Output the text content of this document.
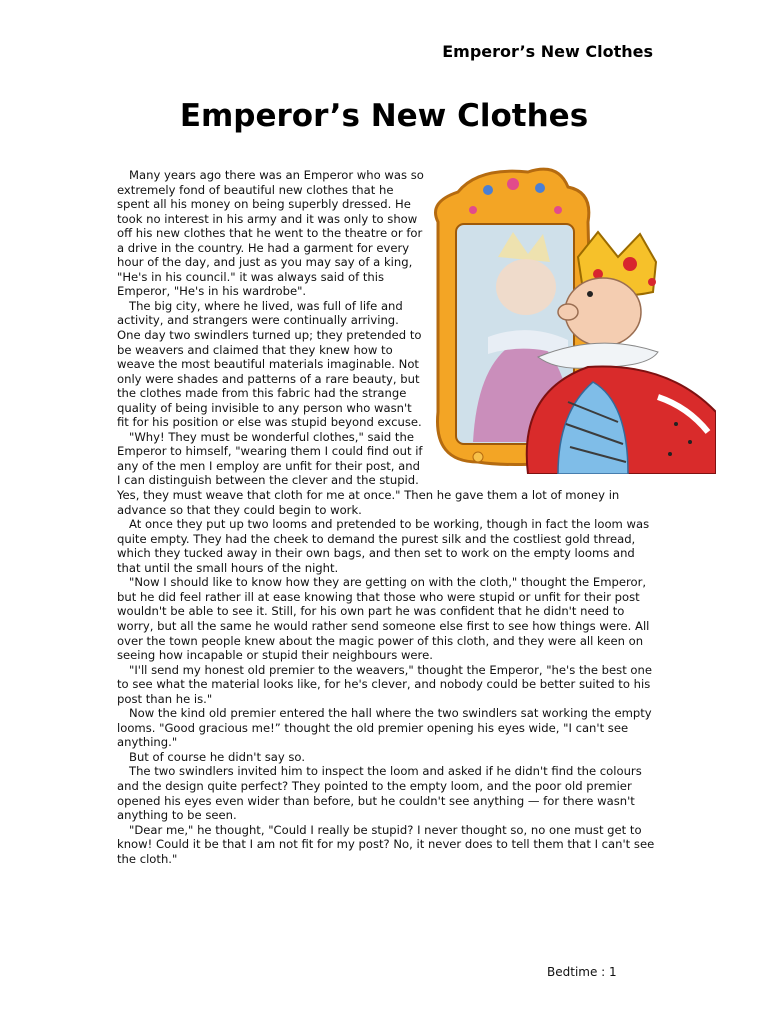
Emperor’s New Clothes
Emperor’s New Clothes

Many years ago there was an Emperor who was so extremely fond of beautiful new clothes that he spent all his money on being superbly dressed. He took no interest in his army and it was only to show off his new clothes that he went to the theatre or for a drive in the country. He had a garment for every hour of the day, and just as you may say of a king, "He's in his council." it was always said of this Emperor, "He's in his wardrobe".

The big city, where he lived, was full of life and activity, and strangers were continually arriving. One day two swindlers turned up; they pretended to be weavers and claimed that they knew how to weave the most beautiful materials imaginable. Not only were shades and patterns of a rare beauty, but the clothes made from this fabric had the strange quality of being invisible to any person who wasn't fit for his position or else was stupid beyond excuse.

"Why! They must be wonderful clothes," said the Emperor to himself, "wearing them I could find out if any of the men I employ are unfit for their post, and I can distinguish between the clever and the stupid. Yes, they must weave that cloth for me at once." Then he gave them a lot of money in advance so that they could begin to work.

At once they put up two looms and pretended to be working, though in fact the loom was quite empty. They had the cheek to demand the purest silk and the costliest gold thread, which they tucked away in their own bags, and then set to work on the empty looms and that until the small hours of the night.

"Now I should like to know how they are getting on with the cloth," thought the Emperor, but he did feel rather ill at ease knowing that those who were stupid or unfit for their post wouldn't be able to see it. Still, for his own part he was confident that he didn't need to worry, but all the same he would rather send someone else first to see how things were. All over the town people knew about the magic power of this cloth, and they were all keen on seeing how incapable or stupid their neighbours were.

"I'll send my honest old premier to the weavers," thought the Emperor, "he's the best one to see what the material looks like, for he's clever, and nobody could be better suited to his post than he is."

Now the kind old premier entered the hall where the two swindlers sat working the empty looms. "Good gracious me!” thought the old premier opening his eyes wide, "I can't see anything."

But of course he didn't say so.

The two swindlers invited him to inspect the loom and asked if he didn't find the colours and the design quite perfect? They pointed to the empty loom, and the poor old premier opened his eyes even wider than before, but he couldn't see anything — for there wasn't anything to be seen.

"Dear me," he thought, "Could I really be stupid? I never thought so, no one must get to know! Could it be that I am not fit for my post? No, it never does to tell them that I can't see the cloth."

Bedtime : 1
